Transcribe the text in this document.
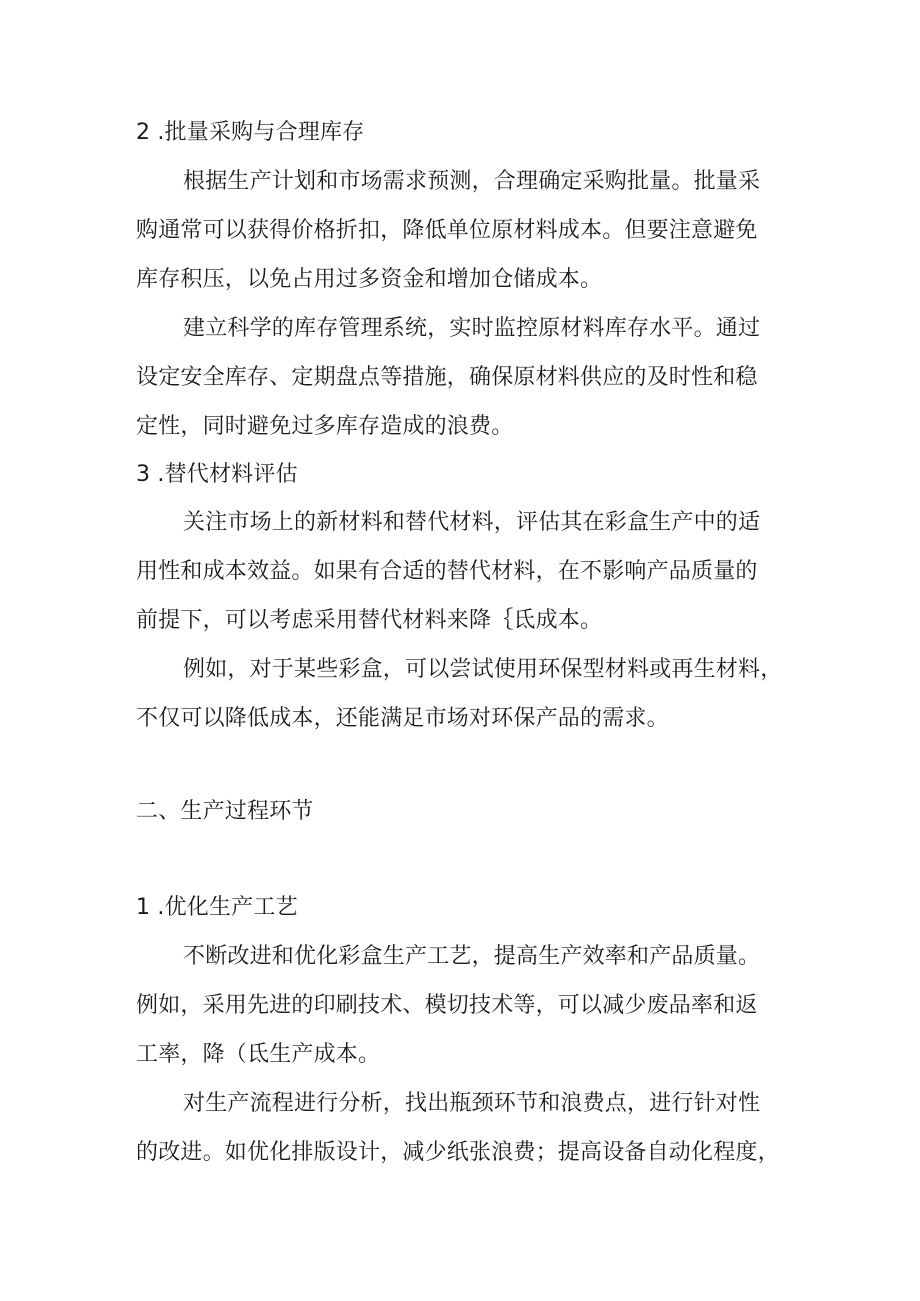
2 .批量采购与合理库存
根据生产计划和市场需求预测，合理确定采购批量。批量采
购通常可以获得价格折扣，降低单位原材料成本。但要注意避免
库存积压，以免占用过多资金和增加仓储成本。
建立科学的库存管理系统，实时监控原材料库存水平。通过
设定安全库存、定期盘点等措施，确保原材料供应的及时性和稳
定性，同时避免过多库存造成的浪费。
3 .替代材料评估
关注市场上的新材料和替代材料，评估其在彩盒生产中的适
用性和成本效益。如果有合适的替代材料，在不影响产品质量的
前提下，可以考虑采用替代材料来降｛氐成本。
例如，对于某些彩盒，可以尝试使用环保型材料或再生材料，
不仅可以降低成本，还能满足市场对环保产品的需求。
二、生产过程环节
1 .优化生产工艺
不断改进和优化彩盒生产工艺，提高生产效率和产品质量。
例如，采用先进的印刷技术、模切技术等，可以减少废品率和返
工率，降（氐生产成本。
对生产流程进行分析，找出瓶颈环节和浪费点，进行针对性
的改进。如优化排版设计，减少纸张浪费；提高设备自动化程度，
